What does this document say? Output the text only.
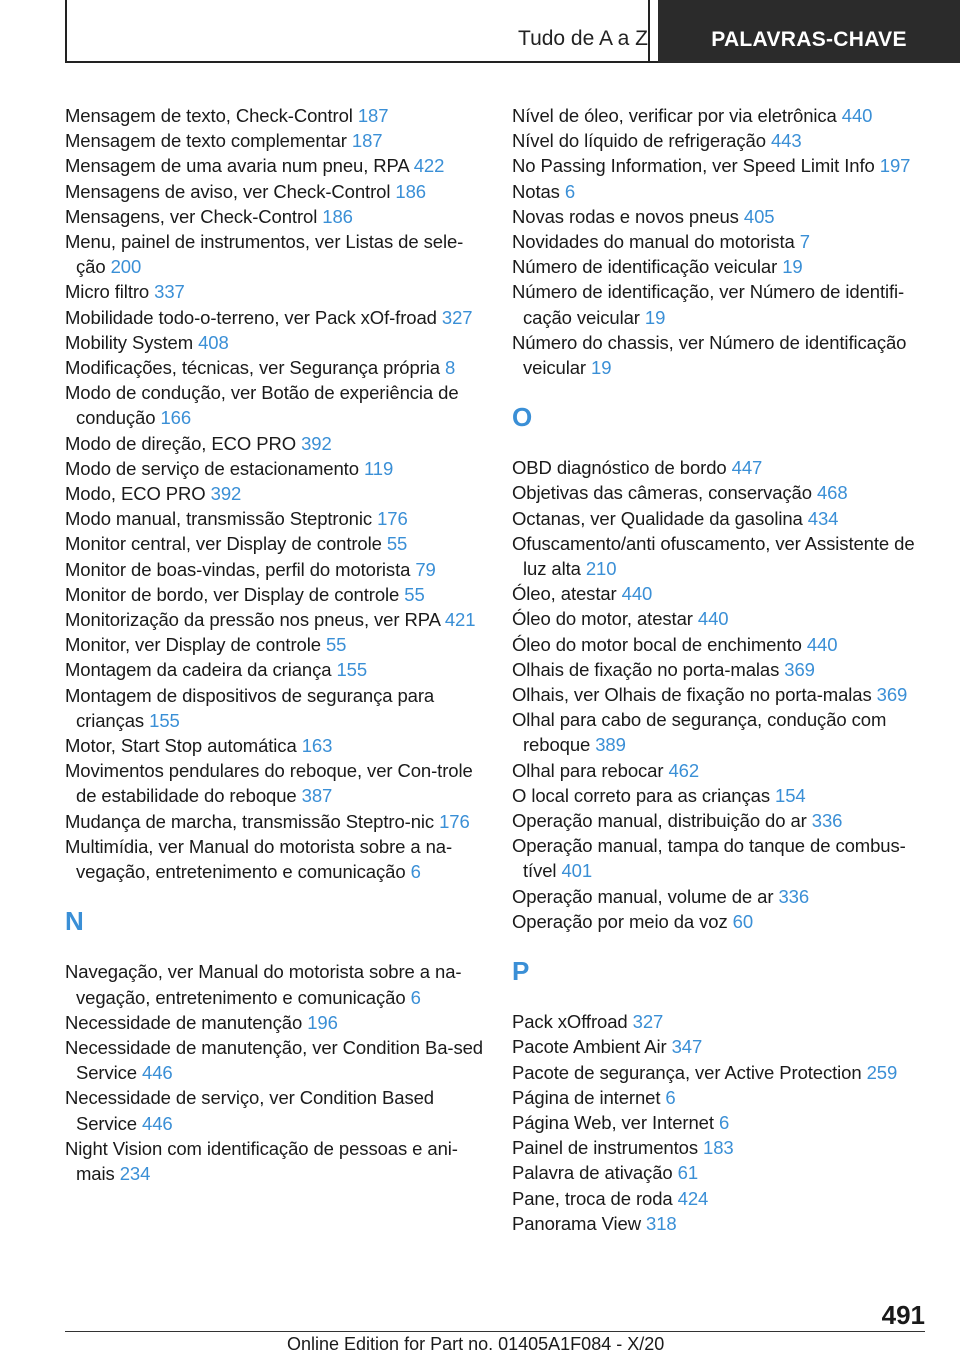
Tudo de A a Z	PALAVRAS-CHAVE
Mensagem de texto, Check-Control 187
Mensagem de texto complementar 187
Mensagem de uma avaria num pneu, RPA 422
Mensagens de aviso, ver Check-Control 186
Mensagens, ver Check-Control 186
Menu, painel de instrumentos, ver Listas de sele‐ção 200
Micro filtro 337
Mobilidade todo-o-terreno, ver Pack xOf‐froad 327
Mobility System 408
Modificações, técnicas, ver Segurança própria 8
Modo de condução, ver Botão de experiência de condução 166
Modo de direção, ECO PRO 392
Modo de serviço de estacionamento 119
Modo, ECO PRO 392
Modo manual, transmissão Steptronic 176
Monitor central, ver Display de controle 55
Monitor de boas-vindas, perfil do motorista 79
Monitor de bordo, ver Display de controle 55
Monitorização da pressão nos pneus, ver RPA 421
Monitor, ver Display de controle 55
Montagem da cadeira da criança 155
Montagem de dispositivos de segurança para crianças 155
Motor, Start Stop automática 163
Movimentos pendulares do reboque, ver Con‐trole de estabilidade do reboque 387
Mudança de marcha, transmissão Steptro‐nic 176
Multimídia, ver Manual do motorista sobre a na‐vegação, entretenimento e comunicação 6
N
Navegação, ver Manual do motorista sobre a na‐vegação, entretenimento e comunicação 6
Necessidade de manutenção 196
Necessidade de manutenção, ver Condition Ba‐sed Service 446
Necessidade de serviço, ver Condition Based Service 446
Night Vision com identificação de pessoas e ani‐mais 234
Nível de óleo, verificar por via eletrônica 440
Nível do líquido de refrigeração 443
No Passing Information, ver Speed Limit Info 197
Notas 6
Novas rodas e novos pneus 405
Novidades do manual do motorista 7
Número de identificação veicular 19
Número de identificação, ver Número de identifi‐cação veicular 19
Número do chassis, ver Número de identificação veicular 19
O
OBD diagnóstico de bordo 447
Objetivas das câmeras, conservação 468
Octanas, ver Qualidade da gasolina 434
Ofuscamento/anti ofuscamento, ver Assistente de luz alta 210
Óleo, atestar 440
Óleo do motor, atestar 440
Óleo do motor bocal de enchimento 440
Olhais de fixação no porta-malas 369
Olhais, ver Olhais de fixação no porta-malas 369
Olhal para cabo de segurança, condução com reboque 389
Olhal para rebocar 462
O local correto para as crianças 154
Operação manual, distribuição do ar 336
Operação manual, tampa do tanque de combus‐tível 401
Operação manual, volume de ar 336
Operação por meio da voz 60
P
Pack xOffroad 327
Pacote Ambient Air 347
Pacote de segurança, ver Active Protection 259
Página de internet 6
Página Web, ver Internet 6
Painel de instrumentos 183
Palavra de ativação 61
Pane, troca de roda 424
Panorama View 318
491
Online Edition for Part no. 01405A1F084 - X/20
